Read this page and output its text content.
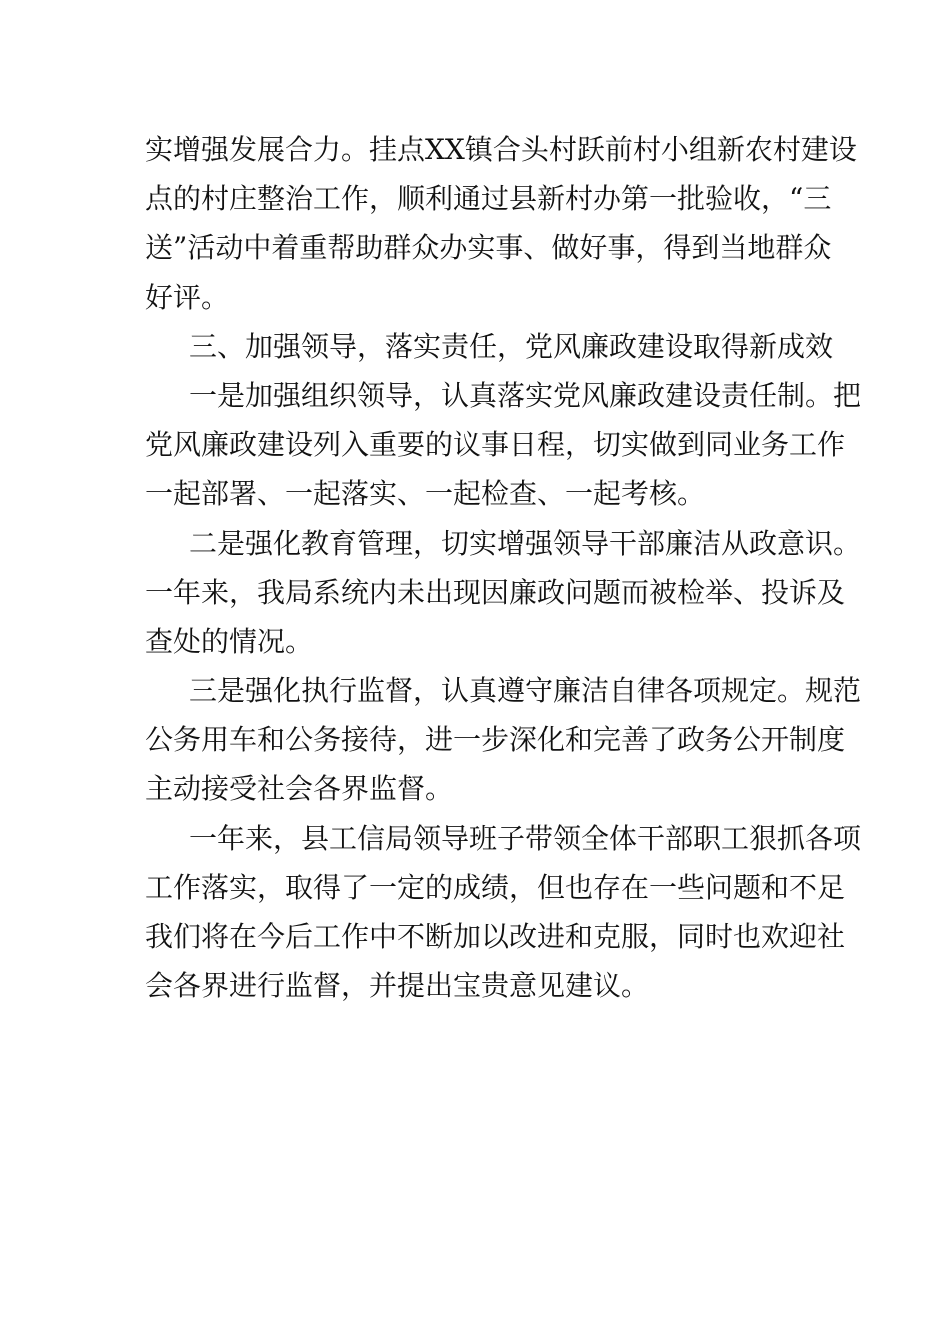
实增强发展合力。挂点XX镇合头村跃前村小组新农村建设
点的村庄整治工作，顺利通过县新村办第一批验收，“三
送”活动中着重帮助群众办实事、做好事，得到当地群众
好评。
三、加强领导，落实责任，党风廉政建设取得新成效
一是加强组织领导，认真落实党风廉政建设责任制。把
党风廉政建设列入重要的议事日程，切实做到同业务工作
一起部署、一起落实、一起检查、一起考核。
二是强化教育管理，切实增强领导干部廉洁从政意识。
一年来，我局系统内未出现因廉政问题而被检举、投诉及
查处的情况。
三是强化执行监督，认真遵守廉洁自律各项规定。规范
公务用车和公务接待，进一步深化和完善了政务公开制度
主动接受社会各界监督。
一年来，县工信局领导班子带领全体干部职工狠抓各项
工作落实，取得了一定的成绩，但也存在一些问题和不足
我们将在今后工作中不断加以改进和克服，同时也欢迎社
会各界进行监督，并提出宝贵意见建议。
